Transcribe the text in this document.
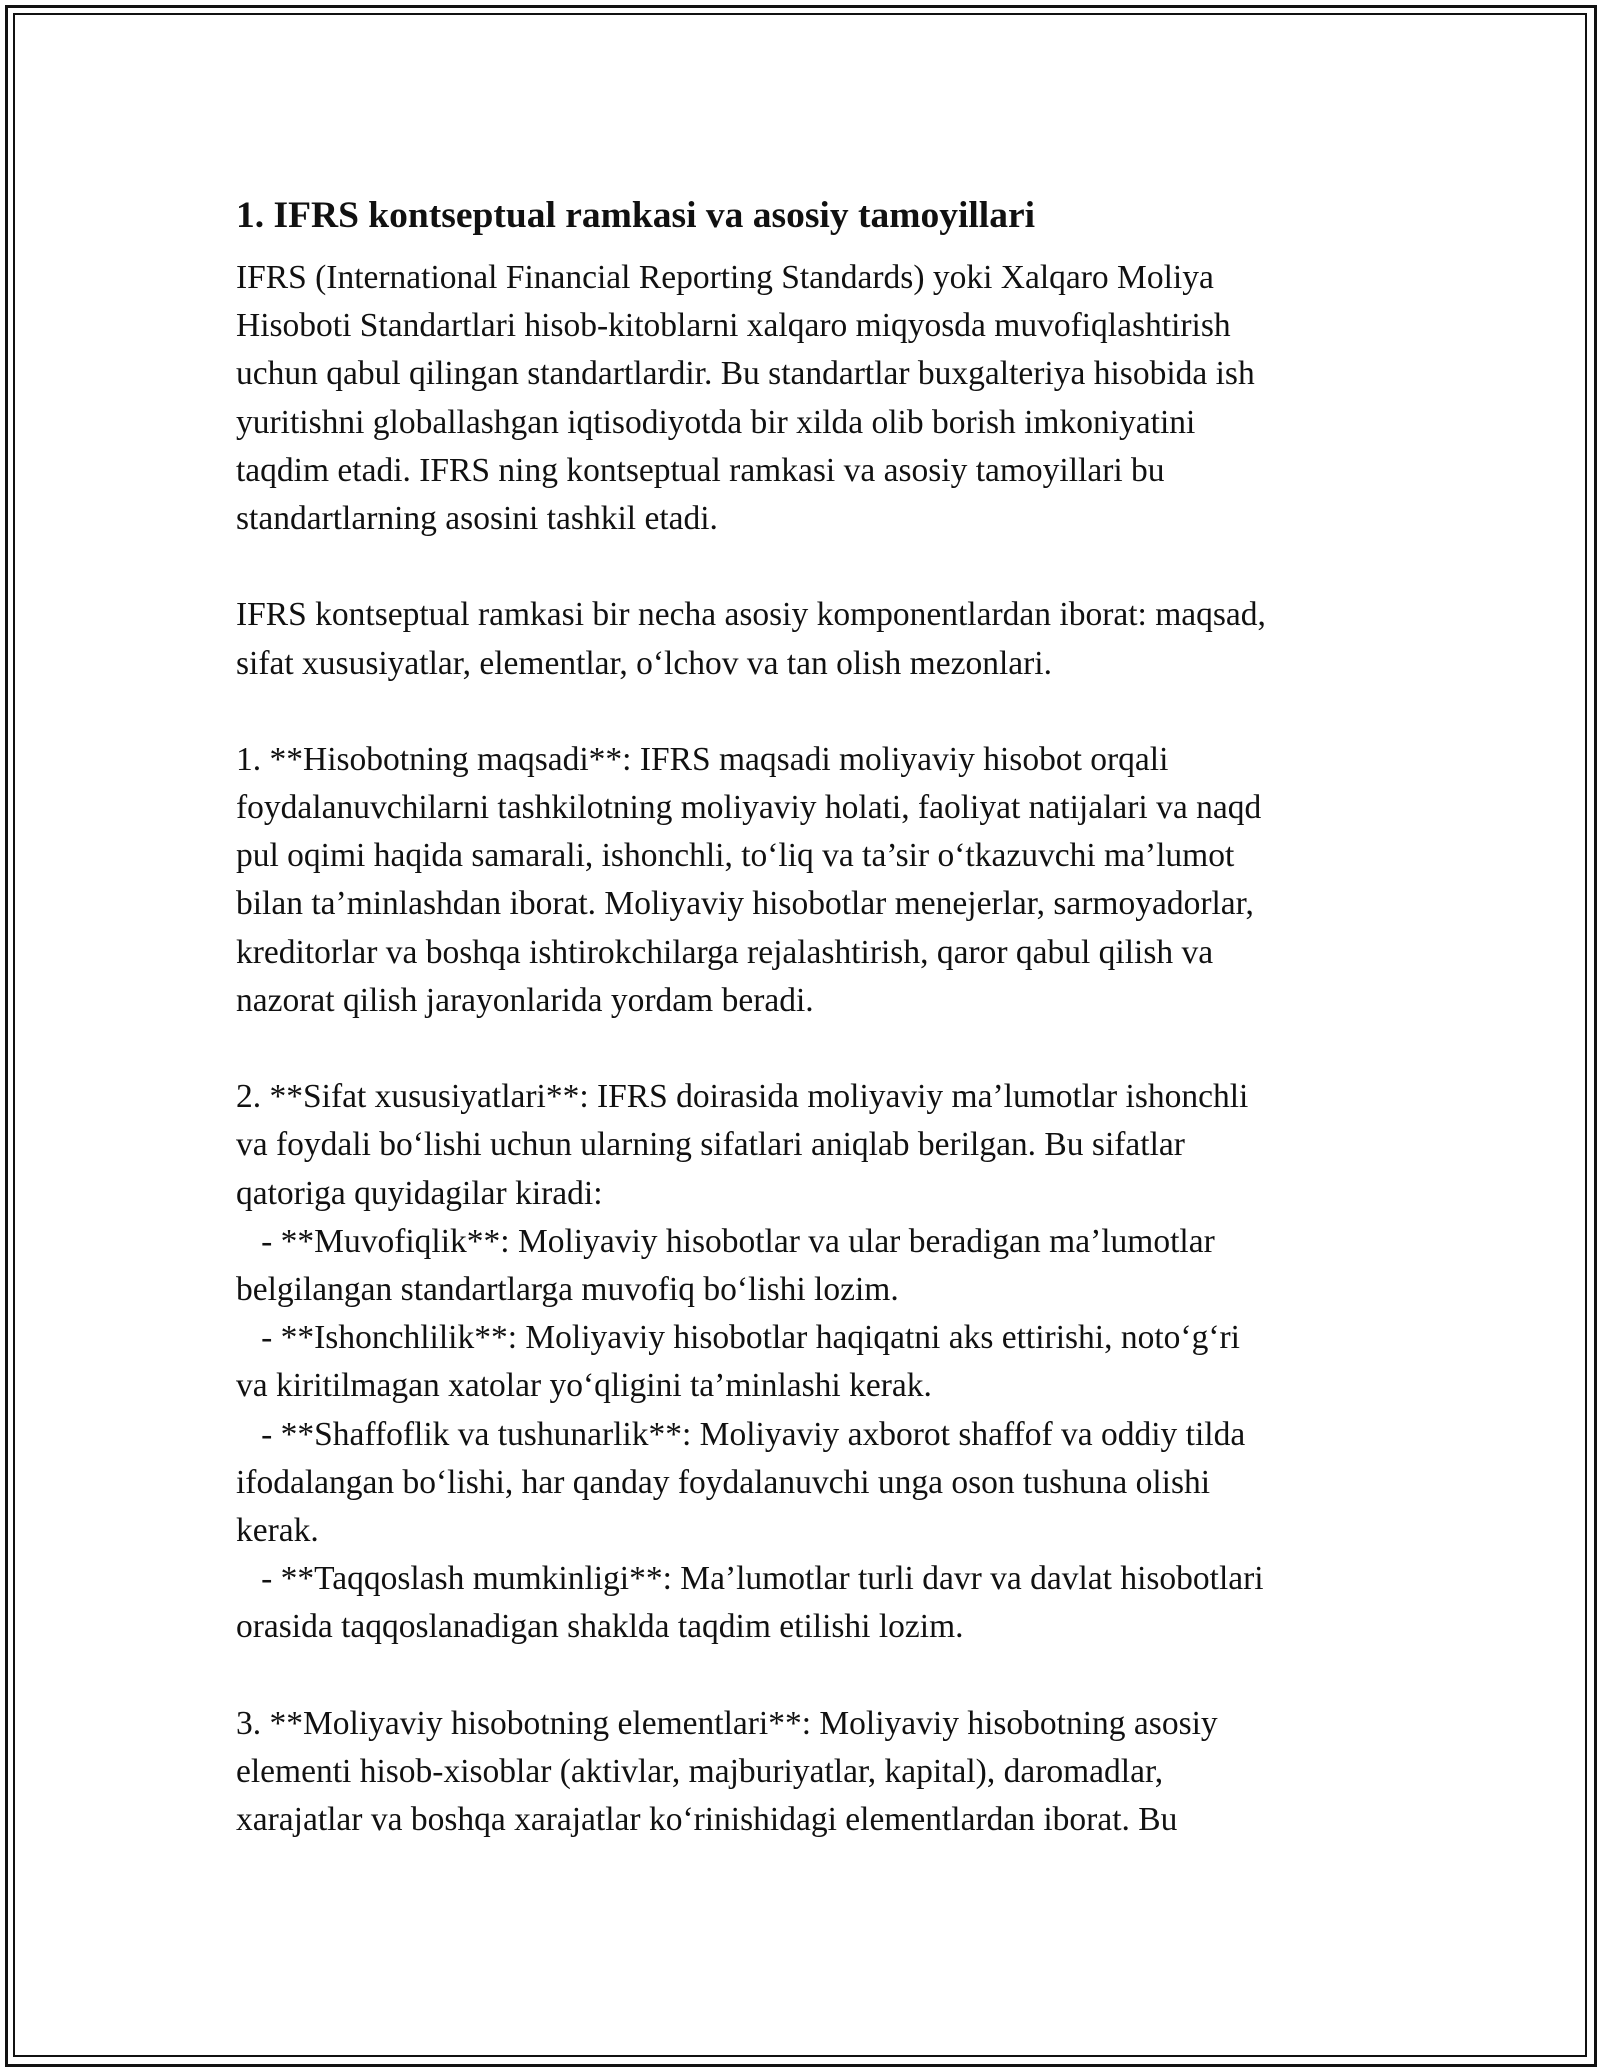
1. IFRS kontseptual ramkasi va asosiy tamoyillari
IFRS (International Financial Reporting Standards) yoki Xalqaro Moliya
Hisoboti Standartlari hisob-kitoblarni xalqaro miqyosda muvofiqlashtirish
uchun qabul qilingan standartlardir. Bu standartlar buxgalteriya hisobida ish
yuritishni globallashgan iqtisodiyotda bir xilda olib borish imkoniyatini
taqdim etadi. IFRS ning kontseptual ramkasi va asosiy tamoyillari bu
standartlarning asosini tashkil etadi.
IFRS kontseptual ramkasi bir necha asosiy komponentlardan iborat: maqsad,
sifat xususiyatlar, elementlar, o‘lchov va tan olish mezonlari.
1. **Hisobotning maqsadi**: IFRS maqsadi moliyaviy hisobot orqali
foydalanuvchilarni tashkilotning moliyaviy holati, faoliyat natijalari va naqd
pul oqimi haqida samarali, ishonchli, to‘liq va ta’sir o‘tkazuvchi ma’lumot
bilan ta’minlashdan iborat. Moliyaviy hisobotlar menejerlar, sarmoyadorlar,
kreditorlar va boshqa ishtirokchilarga rejalashtirish, qaror qabul qilish va
nazorat qilish jarayonlarida yordam beradi.
2. **Sifat xususiyatlari**: IFRS doirasida moliyaviy ma’lumotlar ishonchli
va foydali bo‘lishi uchun ularning sifatlari aniqlab berilgan. Bu sifatlar
qatoriga quyidagilar kiradi:
- **Muvofiqlik**: Moliyaviy hisobotlar va ular beradigan ma’lumotlar
belgilangan standartlarga muvofiq bo‘lishi lozim.
- **Ishonchlilik**: Moliyaviy hisobotlar haqiqatni aks ettirishi, noto‘g‘ri
va kiritilmagan xatolar yo‘qligini ta’minlashi kerak.
- **Shaffoflik va tushunarlik**: Moliyaviy axborot shaffof va oddiy tilda
ifodalangan bo‘lishi, har qanday foydalanuvchi unga oson tushuna olishi
kerak.
- **Taqqoslash mumkinligi**: Ma’lumotlar turli davr va davlat hisobotlari
orasida taqqoslanadigan shaklda taqdim etilishi lozim.
3. **Moliyaviy hisobotning elementlari**: Moliyaviy hisobotning asosiy
elementi hisob-xisoblar (aktivlar, majburiyatlar, kapital), daromadlar,
xarajatlar va boshqa xarajatlar ko‘rinishidagi elementlardan iborat. Bu
